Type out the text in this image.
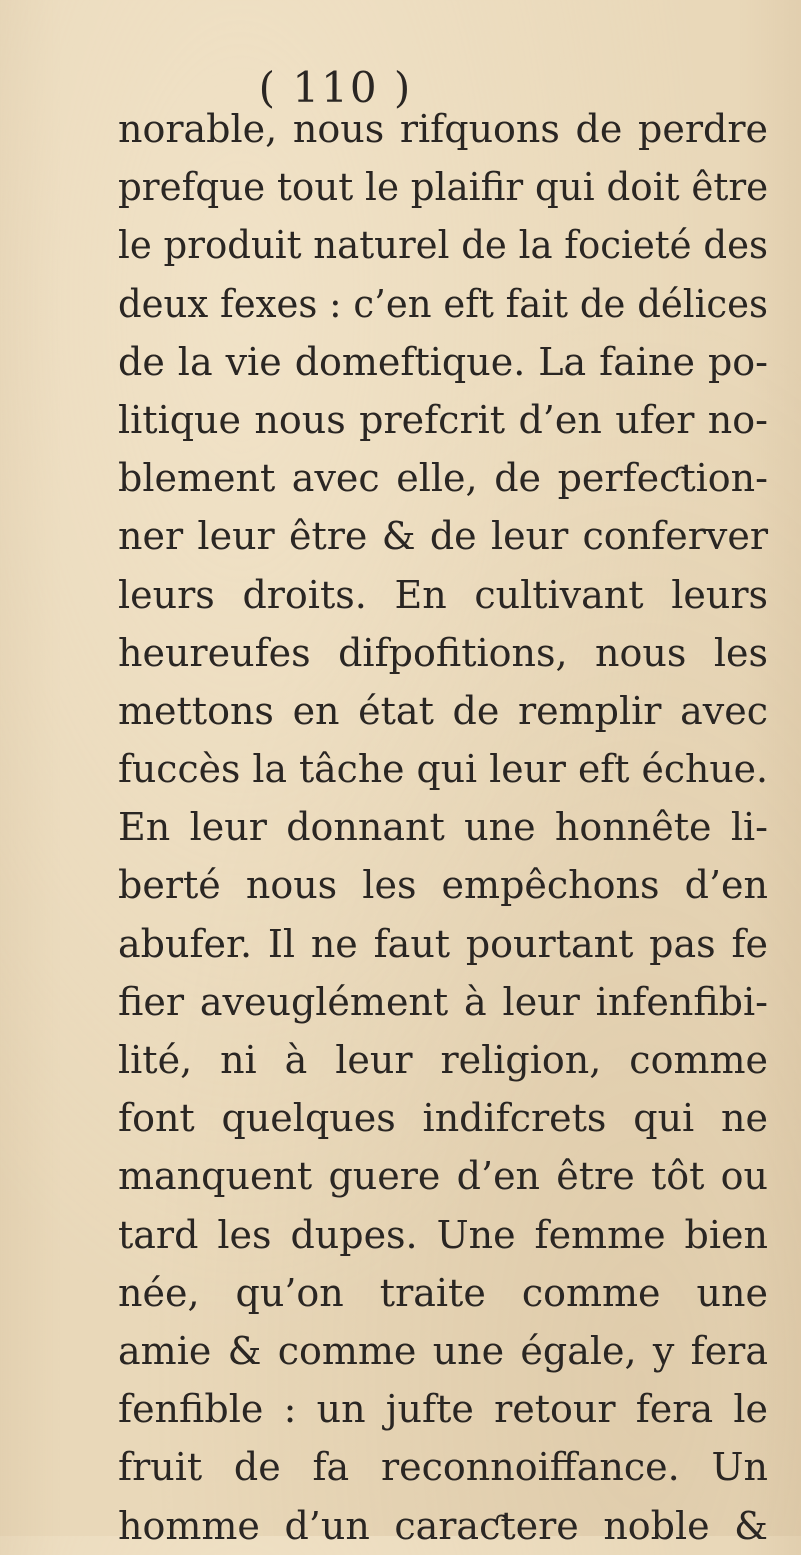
( 110 )
norable, nous rifquons de perdre
prefque tout le plaifir qui doit être
le produit naturel de la focieté des
deux fexes : c’en eft fait de délices
de la vie domeftique. La faine po-
litique nous prefcrit d’en ufer no-
blement avec elle, de perfeƈtion-
ner leur être & de leur conferver
leurs droits. En cultivant leurs
heureufes difpofitions, nous les
mettons en état de remplir avec
fuccès la tâche qui leur eft échue.
En leur donnant une honnête li-
berté nous les empêchons d’en
abufer. Il ne faut pourtant pas fe
fier aveuglément à leur infenfibi-
lité, ni à leur religion, comme
font quelques indifcrets qui ne
manquent guere d’en être tôt ou
tard les dupes. Une femme bien
née, qu’on traite comme une
amie & comme une égale, y fera
fenfible : un jufte retour fera le
fruit de fa reconnoiffance. Un
homme d’un caraƈtere noble &
